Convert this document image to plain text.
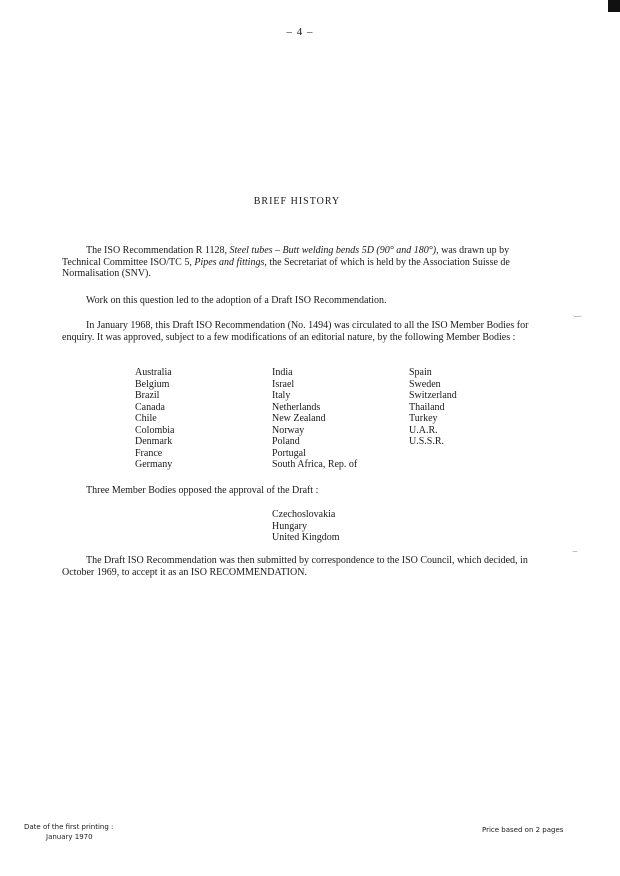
– 4 –
BRIEF HISTORY
The ISO Recommendation R 1128, Steel tubes – Butt welding bends 5D (90° and 180°), was drawn up by Technical Committee ISO/TC 5, Pipes and fittings, the Secretariat of which is held by the Association Suisse de Normalisation (SNV).
Work on this question led to the adoption of a Draft ISO Recommendation.
In January 1968, this Draft ISO Recommendation (No. 1494) was circulated to all the ISO Member Bodies for enquiry. It was approved, subject to a few modifications of an editorial nature, by the following Member Bodies :
Australia
Belgium
Brazil
Canada
Chile
Colombia
Denmark
France
Germany
India
Israel
Italy
Netherlands
New Zealand
Norway
Poland
Portugal
South Africa, Rep. of
Spain
Sweden
Switzerland
Thailand
Turkey
U.A.R.
U.S.S.R.
Three Member Bodies opposed the approval of the Draft :
Czechoslovakia
Hungary
United Kingdom
The Draft ISO Recommendation was then submitted by correspondence to the ISO Council, which decided, in October 1969, to accept it as an ISO RECOMMENDATION.
‿
⌣
Date of the first printing :
January 1970
Price based on 2 pages
